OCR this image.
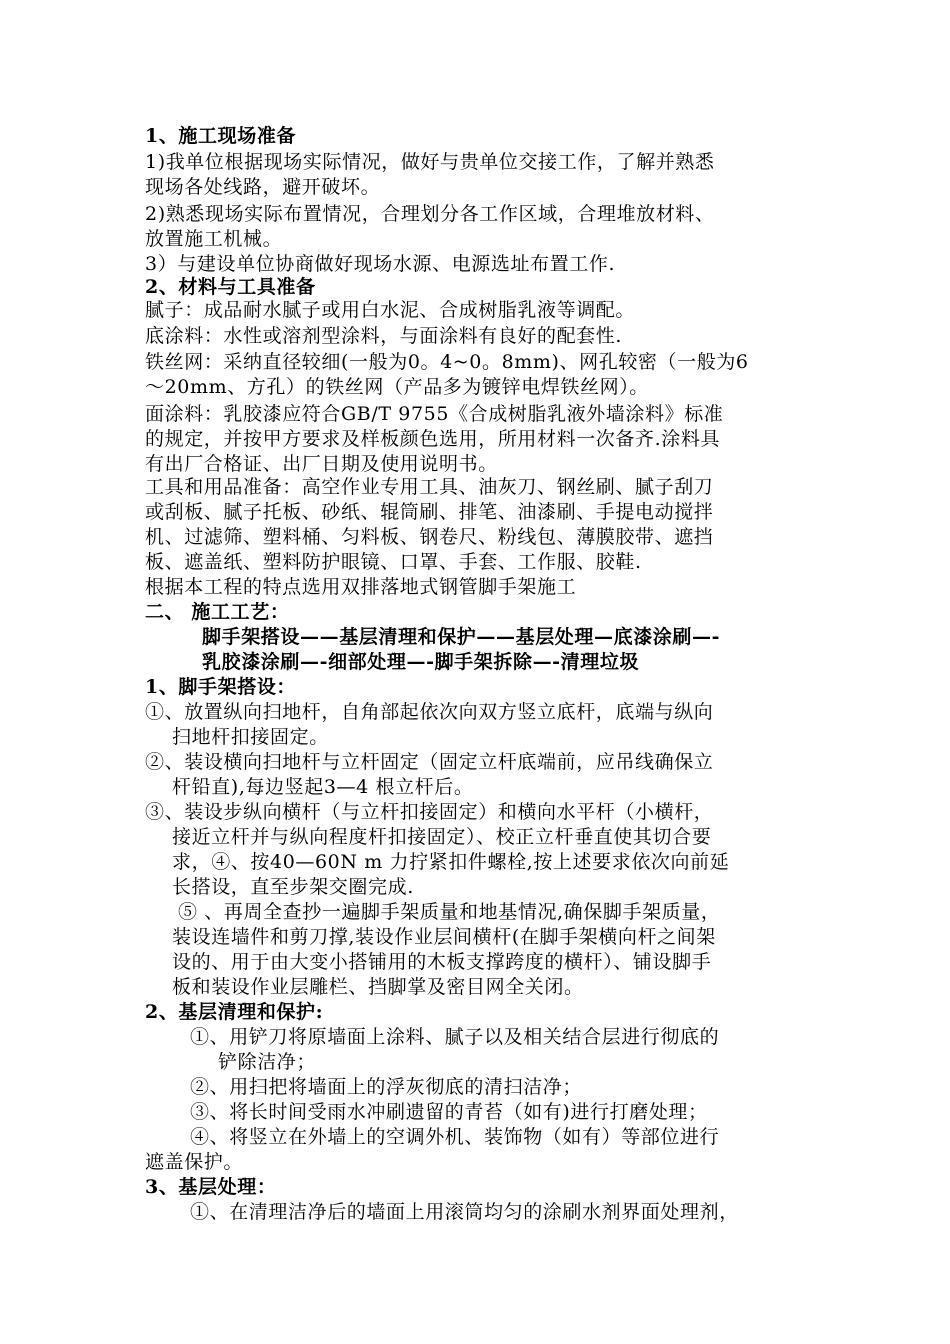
1、施工现场准备
1)我单位根据现场实际情况，做好与贵单位交接工作，了解并熟悉
现场各处线路，避开破坏。
2)熟悉现场实际布置情况，合理划分各工作区域，合理堆放材料、
放置施工机械。
3）与建设单位协商做好现场水源、电源选址布置工作.
2、材料与工具准备
腻子：成品耐水腻子或用白水泥、合成树脂乳液等调配。
底涂料：水性或溶剂型涂料，与面涂料有良好的配套性.
铁丝网：采纳直径较细(一般为0。4~0。8mm)、网孔较密（一般为6
～20mm、方孔）的铁丝网（产品多为镀锌电焊铁丝网）。
面涂料：乳胶漆应符合GB/T 9755《合成树脂乳液外墙涂料》标准
的规定，并按甲方要求及样板颜色选用，所用材料一次备齐.涂料具
有出厂合格证、出厂日期及使用说明书。
工具和用品准备：高空作业专用工具、油灰刀、钢丝刷、腻子刮刀
或刮板、腻子托板、砂纸、辊筒刷、排笔、油漆刷、手提电动搅拌
机、过滤筛、塑料桶、匀料板、钢卷尺、粉线包、薄膜胶带、遮挡
板、遮盖纸、塑料防护眼镜、口罩、手套、工作服、胶鞋.
根据本工程的特点选用双排落地式钢管脚手架施工
二、 施工工艺：
脚手架搭设——基层清理和保护——基层处理—底漆涂刷—-
乳胶漆涂刷—-细部处理—-脚手架拆除—-清理垃圾
1、脚手架搭设：
①、放置纵向扫地杆，自角部起依次向双方竖立底杆，底端与纵向
扫地杆扣接固定。
②、装设横向扫地杆与立杆固定（固定立杆底端前，应吊线确保立
杆铅直),每边竖起3—4 根立杆后。
③、装设步纵向横杆（与立杆扣接固定）和横向水平杆（小横杆，
接近立杆并与纵向程度杆扣接固定）、校正立杆垂直使其切合要
求，④、按40—60N m 力拧紧扣件螺栓,按上述要求依次向前延
长搭设，直至步架交圈完成.
⑤ 、再周全查抄一遍脚手架质量和地基情况,确保脚手架质量，
装设连墙件和剪刀撑,装设作业层间横杆(在脚手架横向杆之间架
设的、用于由大变小搭铺用的木板支撑跨度的横杆）、铺设脚手
板和装设作业层雕栏、挡脚掌及密目网全关闭。
2、基层清理和保护:
①、用铲刀将原墙面上涂料、腻子以及相关结合层进行彻底的
铲除洁净；
②、用扫把将墙面上的浮灰彻底的清扫洁净；
③、将长时间受雨水冲刷遗留的青苔（如有)进行打磨处理；
④、将竖立在外墙上的空调外机、装饰物（如有）等部位进行
遮盖保护。
3、基层处理：
①、在清理洁净后的墙面上用滚筒均匀的涂刷水剂界面处理剂，
